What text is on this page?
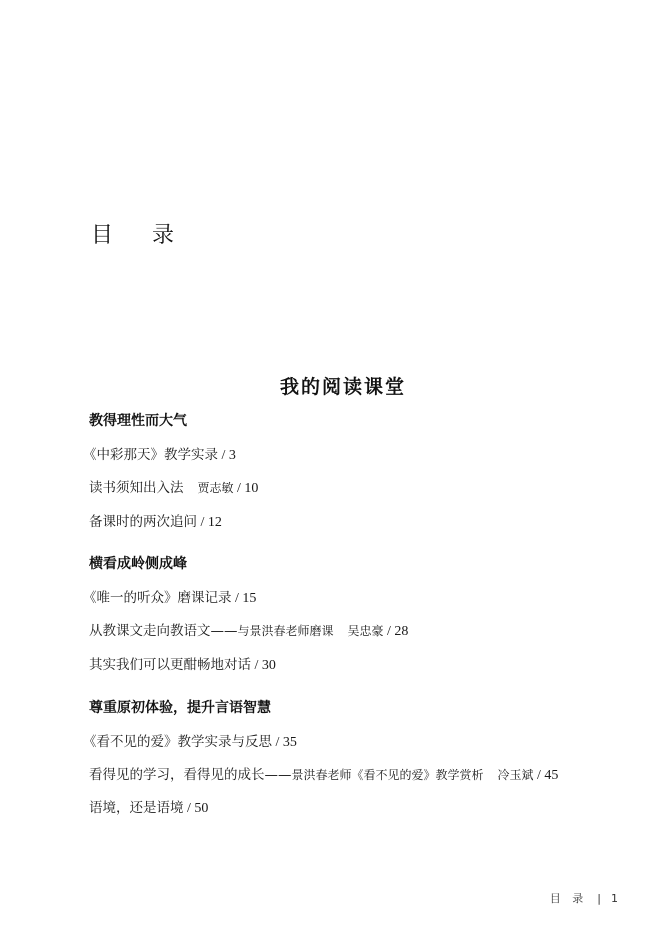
目 录
我的阅读课堂
教得理性而大气
《中彩那天》教学实录 / 3
读书须知出入法 贾志敏 / 10
备课时的两次追问 / 12
横看成岭侧成峰
《唯一的听众》磨课记录 / 15
从教课文走向教语文——与景洪春老师磨课 吴忠豪 / 28
其实我们可以更酣畅地对话 / 30
尊重原初体验，提升言语智慧
《看不见的爱》教学实录与反思 / 35
看得见的学习，看得见的成长——景洪春老师《看不见的爱》教学赏析 冷玉斌 / 45
语境，还是语境 / 50
目 录 | 1
